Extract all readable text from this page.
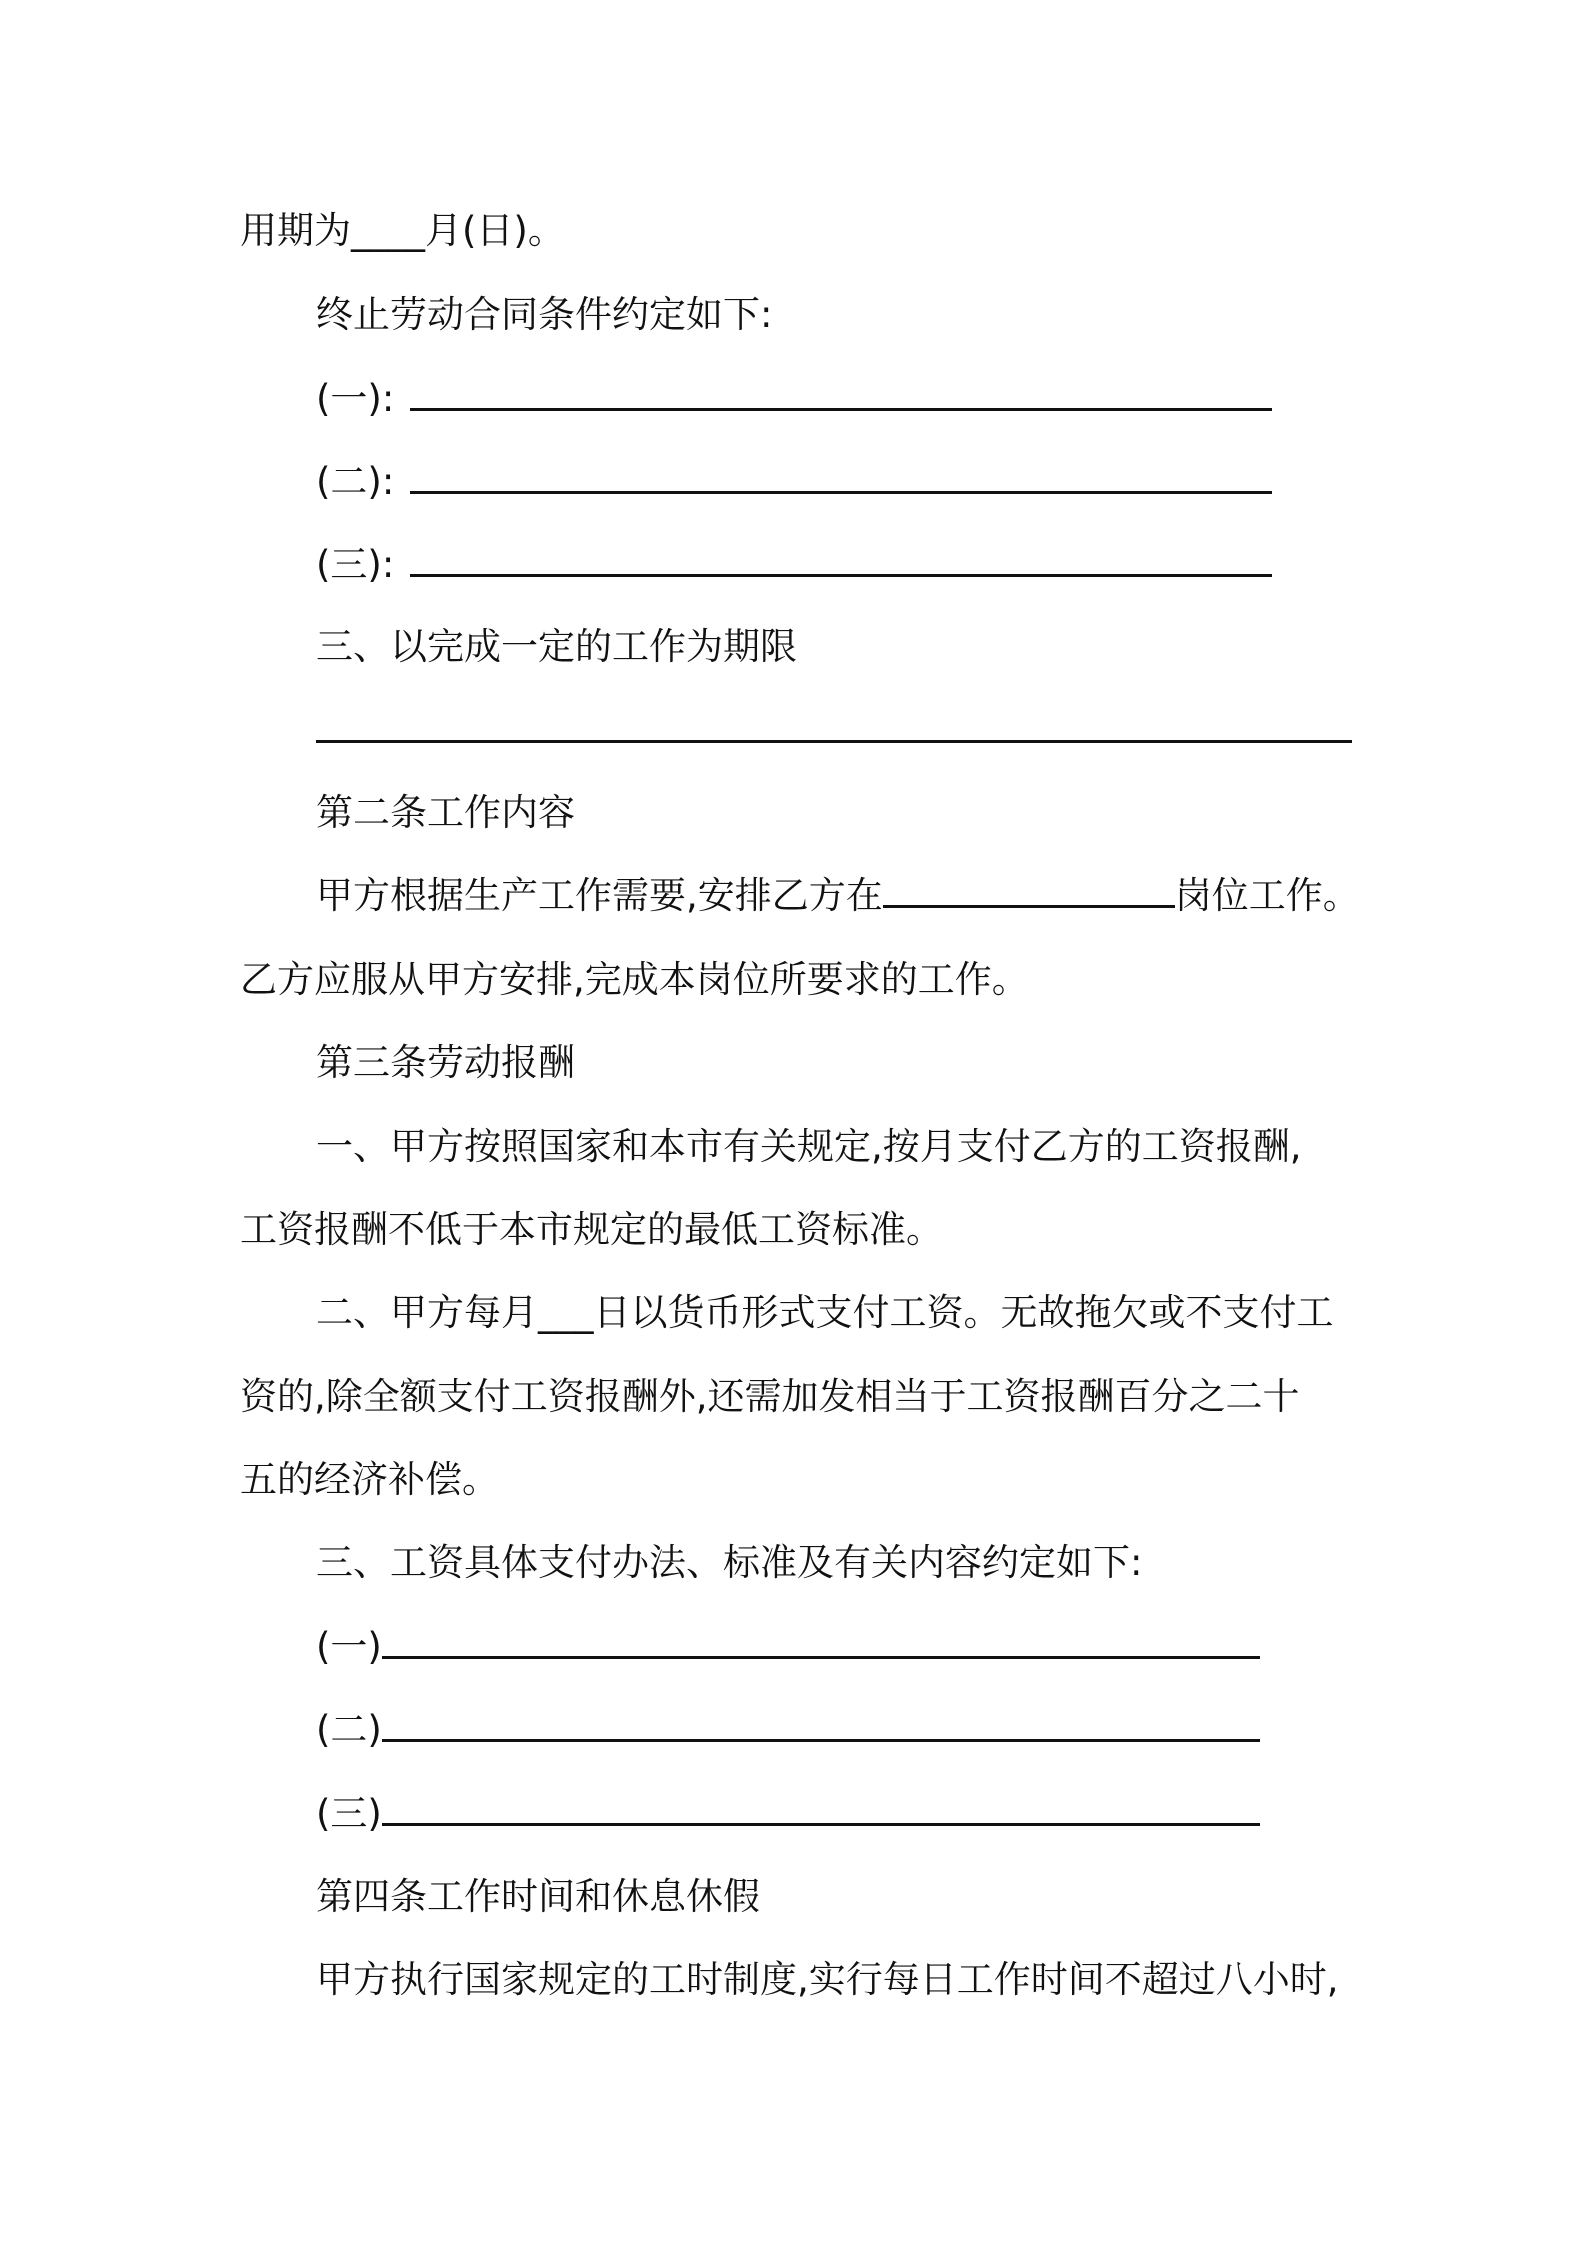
用期为____月(日)。
终止劳动合同条件约定如下:
(一):
(二):
(三):
三、以完成一定的工作为期限
第二条工作内容
甲方根据生产工作需要,安排乙方在	岗位工作。
乙方应服从甲方安排,完成本岗位所要求的工作。
第三条劳动报酬
一、甲方按照国家和本市有关规定,按月支付乙方的工资报酬,
工资报酬不低于本市规定的最低工资标准。
二、甲方每月___日以货币形式支付工资。无故拖欠或不支付工
资的,除全额支付工资报酬外,还需加发相当于工资报酬百分之二十
五的经济补偿。
三、工资具体支付办法、标准及有关内容约定如下:
(一)
(二)
(三)
第四条工作时间和休息休假
甲方执行国家规定的工时制度,实行每日工作时间不超过八小时,
